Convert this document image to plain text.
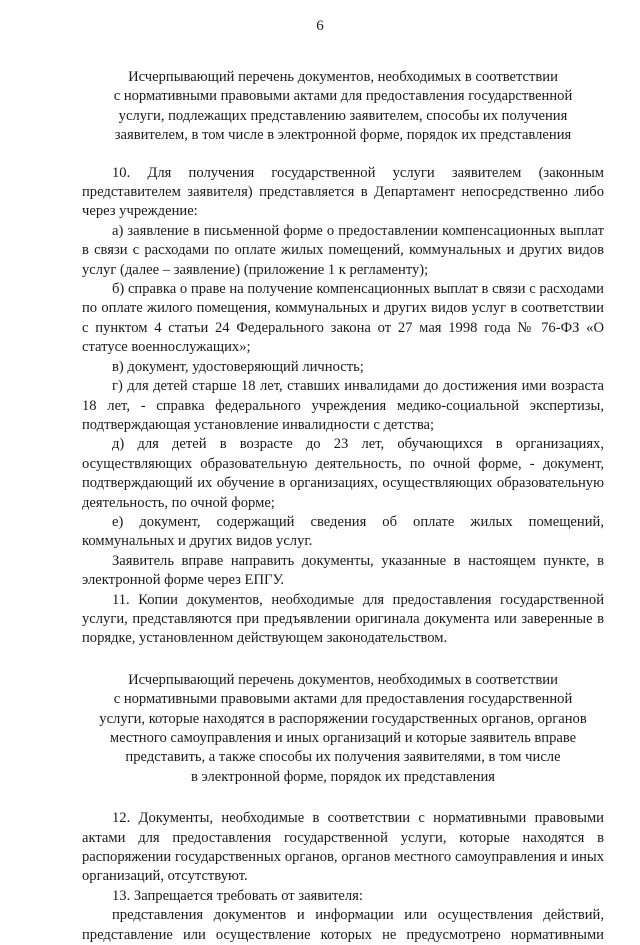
6
Исчерпывающий перечень документов, необходимых в соответствии
с нормативными правовыми актами для предоставления государственной
услуги, подлежащих представлению заявителем, способы их получения
заявителем, в том числе в электронной форме, порядок их представления

10. Для получения государственной услуги заявителем (законным представителем заявителя) представляется в Департамент непосредственно либо через учреждение:

а) заявление в письменной форме о предоставлении компенсационных выплат в связи с расходами по оплате жилых помещений, коммунальных и других видов услуг (далее – заявление) (приложение 1 к регламенту);

б) справка о праве на получение компенсационных выплат в связи с расходами по оплате жилого помещения, коммунальных и других видов услуг в соответствии с пунктом 4 статьи 24 Федерального закона от 27 мая 1998 года № 76-ФЗ «О статусе военнослужащих»;

в) документ, удостоверяющий личность;

г) для детей старше 18 лет, ставших инвалидами до достижения ими возраста 18 лет, - справка федерального учреждения медико-социальной экспертизы, подтверждающая установление инвалидности с детства;

д) для детей в возрасте до 23 лет, обучающихся в организациях, осуществляющих образовательную деятельность, по очной форме, - документ, подтверждающий их обучение в организациях, осуществляющих образовательную деятельность, по очной форме;

е) документ, содержащий сведения об оплате жилых помещений, коммунальных и других видов услуг.

Заявитель вправе направить документы, указанные в настоящем пункте, в электронной форме через ЕПГУ.

11. Копии документов, необходимые для предоставления государственной услуги, представляются при предъявлении оригинала документа или заверенные в порядке, установленном действующем законодательством.

Исчерпывающий перечень документов, необходимых в соответствии
с нормативными правовыми актами для предоставления государственной
услуги, которые находятся в распоряжении государственных органов, органов
местного самоуправления и иных организаций и которые заявитель вправе
представить, а также способы их получения заявителями, в том числе
в электронной форме, порядок их представления

12. Документы, необходимые в соответствии с нормативными правовыми актами для предоставления государственной услуги, которые находятся в распоряжении государственных органов, органов местного самоуправления и иных организаций, отсутствуют.

13. Запрещается требовать от заявителя:

представления документов и информации или осуществления действий, представление или осуществление которых не предусмотрено нормативными
